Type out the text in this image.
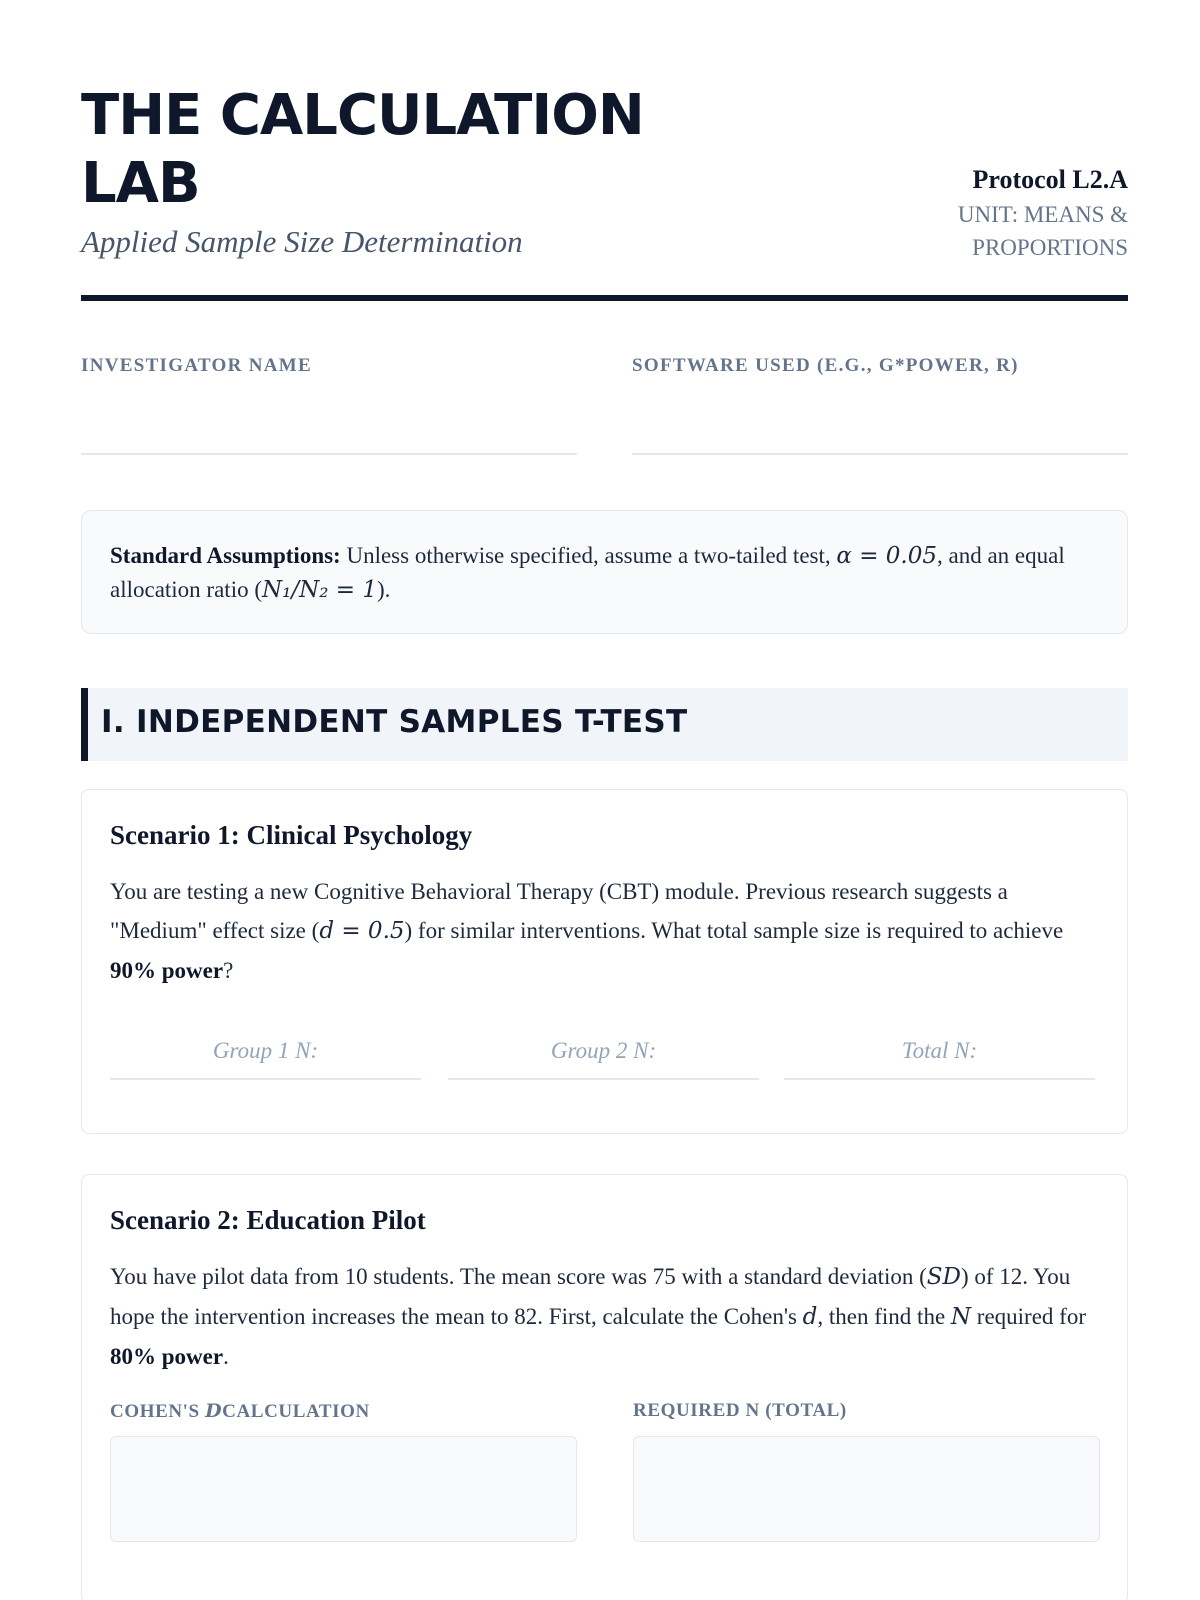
THE CALCULATION LAB
Applied Sample Size Determination
Protocol L2.A
UNIT: MEANS & PROPORTIONS
INVESTIGATOR NAME	SOFTWARE USED (E.G., G*POWER, R)
Standard Assumptions: Unless otherwise specified, assume a two-tailed test, α = 0.05, and an equal allocation ratio (N₁/N₂ = 1).
I. INDEPENDENT SAMPLES T-TEST
Scenario 1: Clinical Psychology
You are testing a new Cognitive Behavioral Therapy (CBT) module. Previous research suggests a "Medium" effect size (d = 0.5) for similar interventions. What total sample size is required to achieve 90% power?
Group 1 N:	Group 2 N:	Total N:
Scenario 2: Education Pilot
You have pilot data from 10 students. The mean score was 75 with a standard deviation (SD) of 12. You hope the intervention increases the mean to 82. First, calculate the Cohen's d, then find the N required for 80% power.
COHEN'S DCALCULATION	REQUIRED N (TOTAL)
